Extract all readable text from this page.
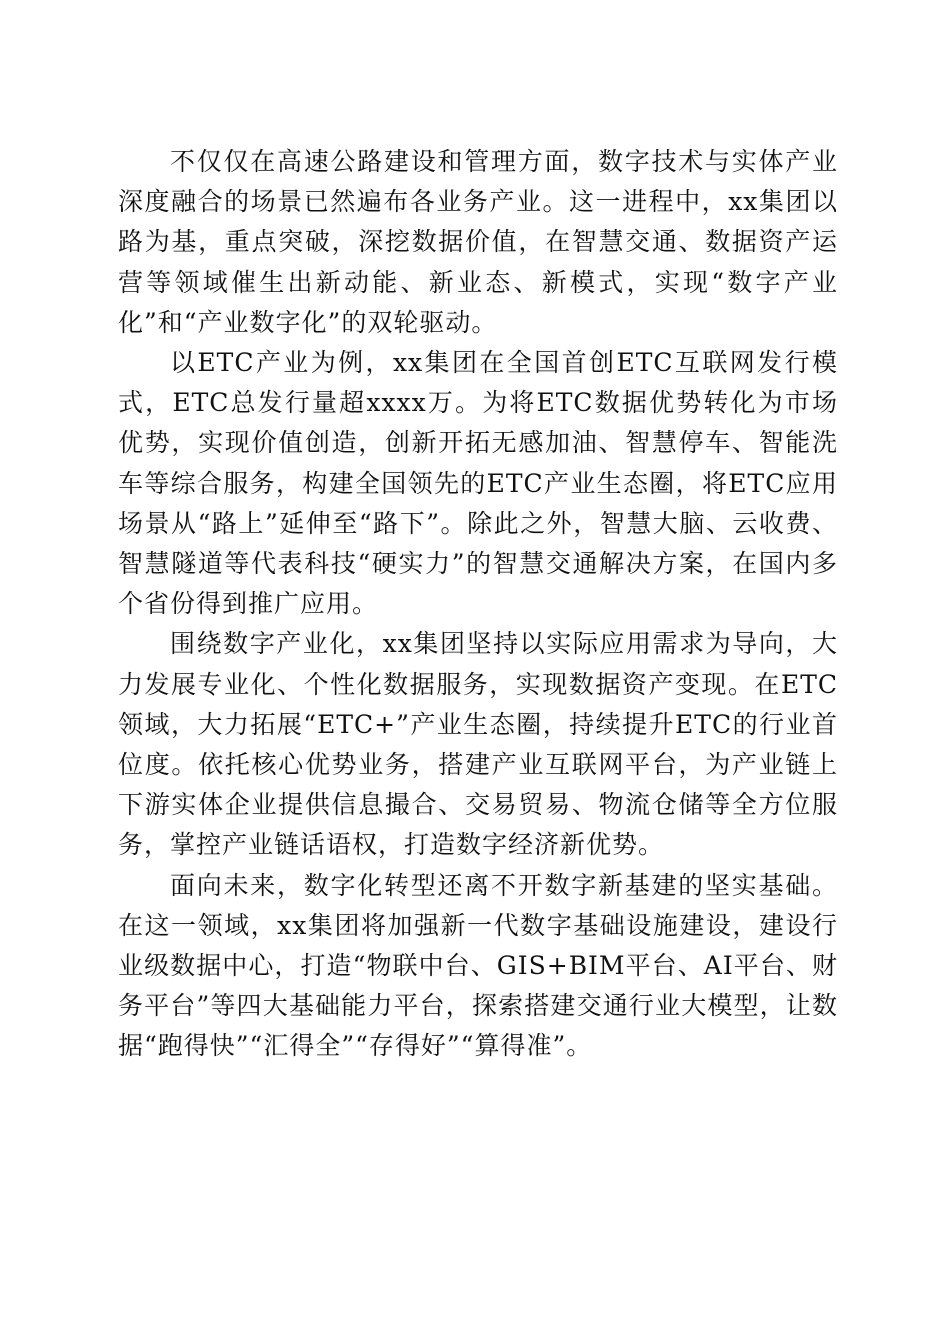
不仅仅在高速公路建设和管理方面，数字技术与实体产业深度融合的场景已然遍布各业务产业。这一进程中，xx集团以路为基，重点突破，深挖数据价值，在智慧交通、数据资产运营等领域催生出新动能、新业态、新模式，实现“数字产业化”和“产业数字化”的双轮驱动。

以ETC产业为例，xx集团在全国首创ETC互联网发行模式，ETC总发行量超xxxx万。为将ETC数据优势转化为市场优势，实现价值创造，创新开拓无感加油、智慧停车、智能洗车等综合服务，构建全国领先的ETC产业生态圈，将ETC应用场景从“路上”延伸至“路下”。除此之外，智慧大脑、云收费、智慧隧道等代表科技“硬实力”的智慧交通解决方案，在国内多个省份得到推广应用。

围绕数字产业化，xx集团坚持以实际应用需求为导向，大力发展专业化、个性化数据服务，实现数据资产变现。在ETC领域，大力拓展“ETC+”产业生态圈，持续提升ETC的行业首位度。依托核心优势业务，搭建产业互联网平台，为产业链上下游实体企业提供信息撮合、交易贸易、物流仓储等全方位服务，掌控产业链话语权，打造数字经济新优势。

面向未来，数字化转型还离不开数字新基建的坚实基础。在这一领域，xx集团将加强新一代数字基础设施建设，建设行业级数据中心，打造“物联中台、GIS+BIM平台、AI平台、财务平台”等四大基础能力平台，探索搭建交通行业大模型，让数据“跑得快”“汇得全”“存得好”“算得准”。
